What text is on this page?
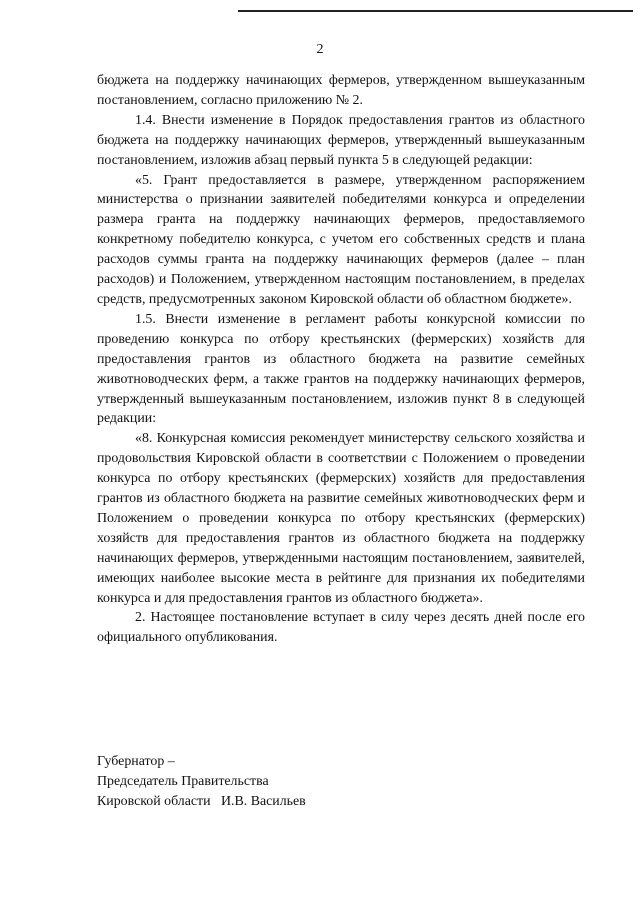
2

бюджета на поддержку начинающих фермеров, утвержденном вышеуказанным постановлением, согласно приложению № 2.

1.4. Внести изменение в Порядок предоставления грантов из областного бюджета на поддержку начинающих фермеров, утвержденный вышеуказанным постановлением, изложив абзац первый пункта 5 в следующей редакции:

«5. Грант предоставляется в размере, утвержденном распоряжением министерства о признании заявителей победителями конкурса и определении размера гранта на поддержку начинающих фермеров, предоставляемого конкретному победителю конкурса, с учетом его собственных средств и плана расходов суммы гранта на поддержку начинающих фермеров (далее – план расходов) и Положением, утвержденном настоящим постановлением, в пределах средств, предусмотренных законом Кировской области об областном бюджете».

1.5. Внести изменение в регламент работы конкурсной комиссии по проведению конкурса по отбору крестьянских (фермерских) хозяйств для предоставления грантов из областного бюджета на развитие семейных животноводческих ферм, а также грантов на поддержку начинающих фермеров, утвержденный вышеуказанным постановлением, изложив пункт 8 в следующей редакции:

«8. Конкурсная комиссия рекомендует министерству сельского хозяйства и продовольствия Кировской области в соответствии с Положением о проведении конкурса по отбору крестьянских (фермерских) хозяйств для предоставления грантов из областного бюджета на развитие семейных животноводческих ферм и Положением о проведении конкурса по отбору крестьянских (фермерских) хозяйств для предоставления грантов из областного бюджета на поддержку начинающих фермеров, утвержденными настоящим постановлением, заявителей, имеющих наиболее высокие места в рейтинге для признания их победителями конкурса и для предоставления грантов из областного бюджета».

2. Настоящее постановление вступает в силу через десять дней после его официального опубликования.

Губернатор –
Председатель Правительства
Кировской области И.В. Васильев
